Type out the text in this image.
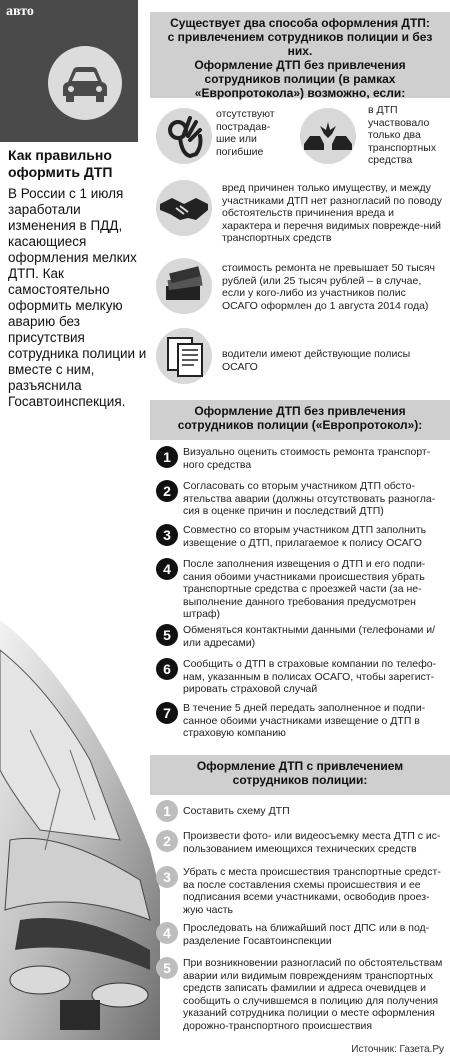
авто
Как правильно оформить ДТП
В России с 1 июля заработали изменения в ПДД, касающиеся оформления мелких ДТП. Как самостоятельно оформить мелкую аварию без присутствия сотрудника полиции и вместе с ним, разъяснила Госавтоинспекция.
Существует два способа оформления ДТП:
с привлечением сотрудников полиции и без них.
Оформление ДТП без привлечения
сотрудников полиции (в рамках
«Европротокола») возможно, если:
отсутствуют пострадав-шие или погибшие
в ДТП участвовало только два транспортных средства
вред причинен только имуществу, и между участниками ДТП нет разногласий по поводу обстоятельств причинения вреда и характера и перечня видимых поврежде-ний транспортных средств
стоимость ремонта не превышает 50 тысяч рублей (или 25 тысяч рублей – в случае, если у кого-либо из участников полис ОСАГО оформлен до 1 августа 2014 года)
водители имеют действующие полисы ОСАГО
Оформление ДТП без привлечения
сотрудников полиции («Европротокол»):
1	Визуально оценить стоимость ремонта транспорт-ного средства
2	Согласовать со вторым участником ДТП обсто-ятельства аварии (должны отсутствовать разногла-сия в оценке причин и последствий ДТП)
3	Совместно со вторым участником ДТП заполнить извещение о ДТП, прилагаемое к полису ОСАГО
4	После заполнения извещения о ДТП и его подпи-сания обоими участниками происшествия убрать транспортные средства с проезжей части (за не-выполнение данного требования предусмотрен штраф)
5	Обменяться контактными данными (телефонами и/или адресами)
6	Сообщить о ДТП в страховые компании по телефо-нам, указанным в полисах ОСАГО, чтобы зарегист-рировать страховой случай
7	В течение 5 дней передать заполненное и подпи-санное обоими участниками извещение о ДТП в страховую компанию
Оформление ДТП с привлечением
сотрудников полиции:
1	Составить схему ДТП
2	Произвести фото- или видеосъемку места ДТП с ис-пользованием имеющихся технических средств
3	Убрать с места происшествия транспортные средст-ва после составления схемы происшествия и ее подписания всеми участниками, освободив проез-жую часть
4	Проследовать на ближайший пост ДПС или в под-разделение Госавтоинспекции
5	При возникновении разногласий по обстоятельствам аварии или видимым повреждениям транспортных средств записать фамилии и адреса очевидцев и сообщить о случившемся в полицию для получения указаний сотрудника полиции о месте оформления дорожно-транспортного происшествия
Источник: Газета.Ру
